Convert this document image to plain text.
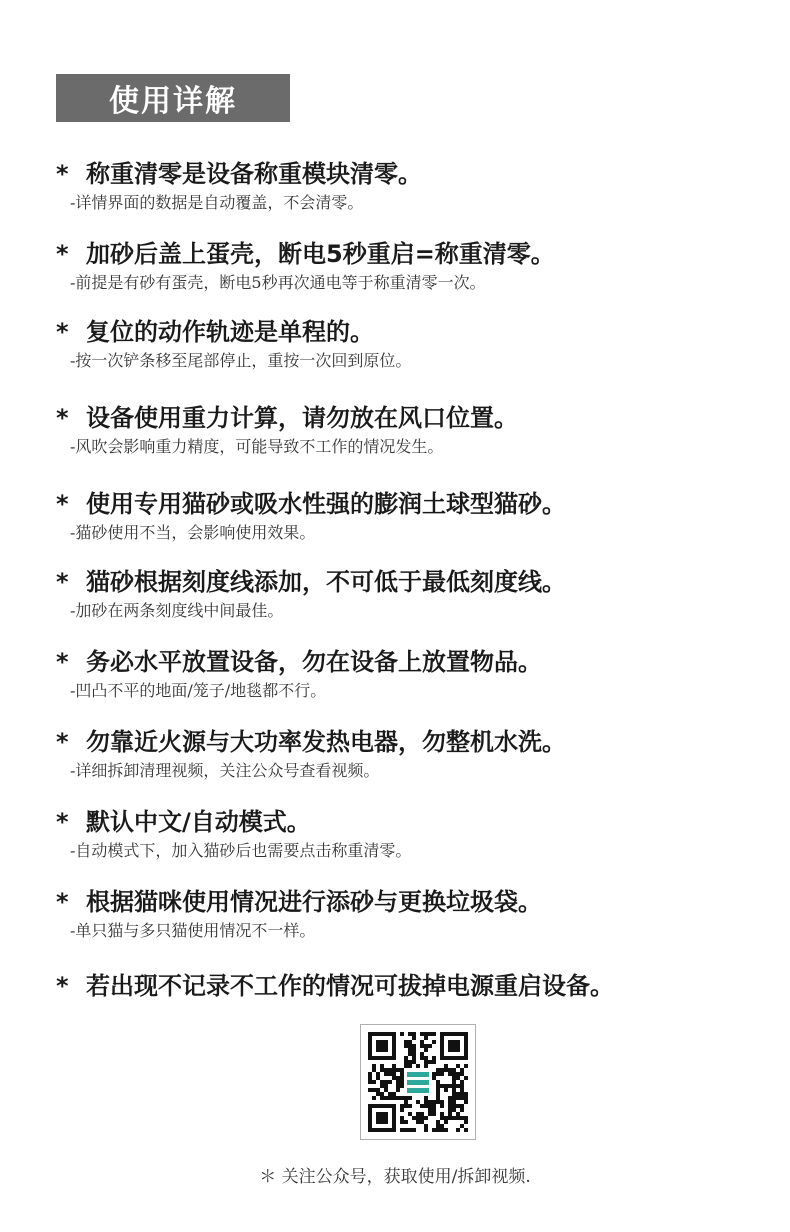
使用详解
* 称重清零是设备称重模块清零。
-详情界面的数据是自动覆盖，不会清零。
* 加砂后盖上蛋壳，断电5秒重启=称重清零。
-前提是有砂有蛋壳，断电5秒再次通电等于称重清零一次。
* 复位的动作轨迹是单程的。
-按一次铲条移至尾部停止，重按一次回到原位。
* 设备使用重力计算，请勿放在风口位置。
-风吹会影响重力精度，可能导致不工作的情况发生。
* 使用专用猫砂或吸水性强的膨润土球型猫砂。
-猫砂使用不当，会影响使用效果。
* 猫砂根据刻度线添加，不可低于最低刻度线。
-加砂在两条刻度线中间最佳。
* 务必水平放置设备，勿在设备上放置物品。
-凹凸不平的地面/笼子/地毯都不行。
* 勿靠近火源与大功率发热电器，勿整机水洗。
-详细拆卸清理视频，关注公众号查看视频。
* 默认中文/自动模式。
-自动模式下，加入猫砂后也需要点击称重清零。
* 根据猫咪使用情况进行添砂与更换垃圾袋。
-单只猫与多只猫使用情况不一样。
* 若出现不记录不工作的情况可拔掉电源重启设备。
＊ 关注公众号，获取使用/拆卸视频.
